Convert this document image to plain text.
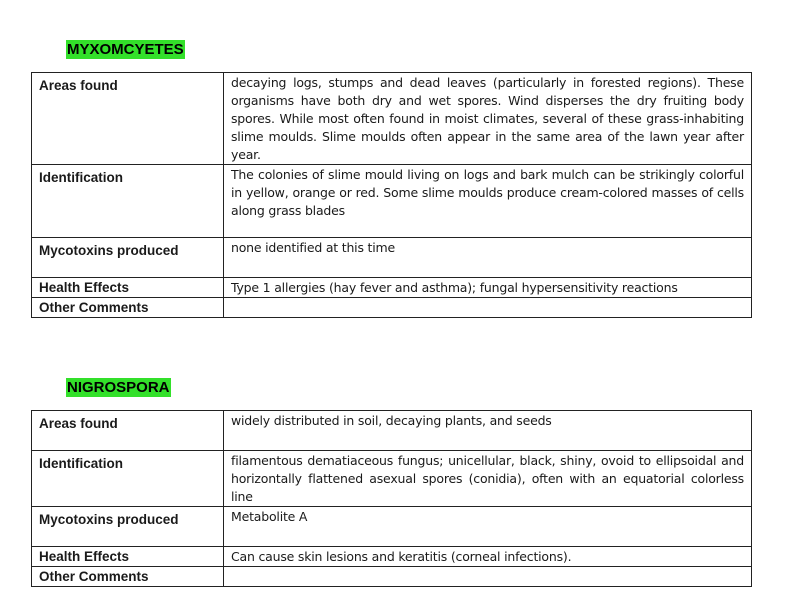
MYXOMCYETES
Areas found	decaying logs, stumps and dead leaves (particularly in forested regions). These organisms have both dry and wet spores. Wind disperses the dry fruiting body spores. While most often found in moist climates, several of these grass-inhabiting slime moulds. Slime moulds often appear in the same area of the lawn year after year.
Identification	The colonies of slime mould living on logs and bark mulch can be strikingly colorful in yellow, orange or red. Some slime moulds produce cream-colored masses of cells along grass blades
Mycotoxins produced	none identified at this time
Health Effects	Type 1 allergies (hay fever and asthma); fungal hypersensitivity reactions
Other Comments	
NIGROSPORA
Areas found	widely distributed in soil, decaying plants, and seeds
Identification	filamentous dematiaceous fungus; unicellular, black, shiny, ovoid to ellipsoidal and horizontally flattened asexual spores (conidia), often with an equatorial colorless line
Mycotoxins produced	Metabolite A
Health Effects	Can cause skin lesions and keratitis (corneal infections).
Other Comments	
